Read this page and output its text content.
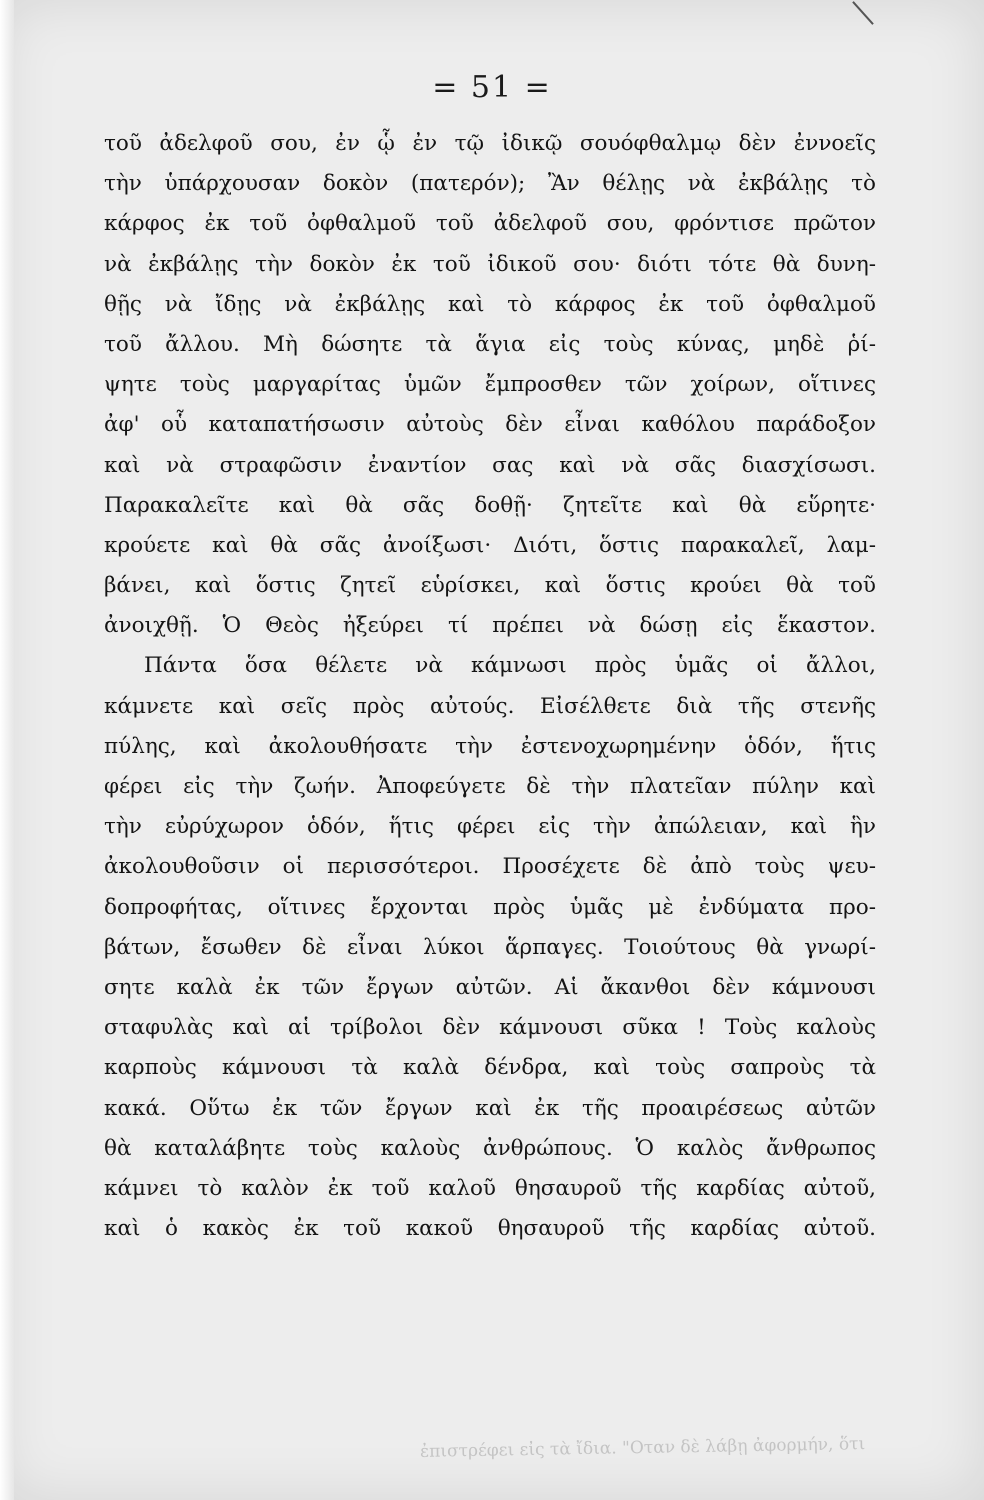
= 51 =
τοῦ ἀδελφοῦ σου, ἐν ᾧ ἐν τῷ ἰδικῷ σουόφθαλμῳ δὲν ἐννοεῖς
τὴν ὑπάρχουσαν δοκὸν (πατερόν); Ἂν θέλῃς νὰ ἐκβάλῃς τὸ
κάρφος ἐκ τοῦ ὀφθαλμοῦ τοῦ ἀδελφοῦ σου, φρόντισε πρῶτον
νὰ ἐκβάλῃς τὴν δοκὸν ἐκ τοῦ ἰδικοῦ σου· διότι τότε θὰ δυνη-
θῇς νὰ ἴδῃς νὰ ἐκβάλῃς καὶ τὸ κάρφος ἐκ τοῦ ὀφθαλμοῦ
τοῦ ἄλλου. Μὴ δώσητε τὰ ἅγια εἰς τοὺς κύνας, μηδὲ ῥί-
ψητε τοὺς μαργαρίτας ὑμῶν ἔμπροσθεν τῶν χοίρων, οἵτινες
ἀφ' οὗ καταπατήσωσιν αὐτοὺς δὲν εἶναι καθόλου παράδοξον
καὶ νὰ στραφῶσιν ἐναντίον σας καὶ νὰ σᾶς διασχίσωσι.
Παρακαλεῖτε καὶ θὰ σᾶς δοθῇ· ζητεῖτε καὶ θὰ εὕρητε·
κρούετε καὶ θὰ σᾶς ἀνοίξωσι· Διότι, ὅστις παρακαλεῖ, λαμ-
βάνει, καὶ ὅστις ζητεῖ εὑρίσκει, καὶ ὅστις κρούει θὰ τοῦ
ἀνοιχθῇ. Ὁ Θεὸς ἠξεύρει τί πρέπει νὰ δώσῃ εἰς ἕκαστον.
Πάντα ὅσα θέλετε νὰ κάμνωσι πρὸς ὑμᾶς οἱ ἄλλοι,
κάμνετε καὶ σεῖς πρὸς αὐτούς. Εἰσέλθετε διὰ τῆς στενῆς
πύλης, καὶ ἀκολουθήσατε τὴν ἐστενοχωρημένην ὁδόν, ἥτις
φέρει εἰς τὴν ζωήν. Ἀποφεύγετε δὲ τὴν πλατεῖαν πύλην καὶ
τὴν εὐρύχωρον ὁδόν, ἥτις φέρει εἰς τὴν ἀπώλειαν, καὶ ἣν
ἀκολουθοῦσιν οἱ περισσότεροι. Προσέχετε δὲ ἀπὸ τοὺς ψευ-
δοπροφήτας, οἵτινες ἔρχονται πρὸς ὑμᾶς μὲ ἐνδύματα προ-
βάτων, ἔσωθεν δὲ εἶναι λύκοι ἅρπαγες. Τοιούτους θὰ γνωρί-
σητε καλὰ ἐκ τῶν ἔργων αὐτῶν. Αἱ ἄκανθοι δὲν κάμνουσι
σταφυλὰς καὶ αἱ τρίβολοι δὲν κάμνουσι σῦκα ! Τοὺς καλοὺς
καρποὺς κάμνουσι τὰ καλὰ δένδρα, καὶ τοὺς σαπροὺς τὰ
κακά. Οὕτω ἐκ τῶν ἔργων καὶ ἐκ τῆς προαιρέσεως αὐτῶν
θὰ καταλάβητε τοὺς καλοὺς ἀνθρώπους. Ὁ καλὸς ἄνθρωπος
κάμνει τὸ καλὸν ἐκ τοῦ καλοῦ θησαυροῦ τῆς καρδίας αὐτοῦ,
καὶ ὁ κακὸς ἐκ τοῦ κακοῦ θησαυροῦ τῆς καρδίας αὐτοῦ.
ἐπιστρέφει εἰς τὰ ἴδια. "Οταν δὲ λάβῃ ἀφορμήν, ὅτι
